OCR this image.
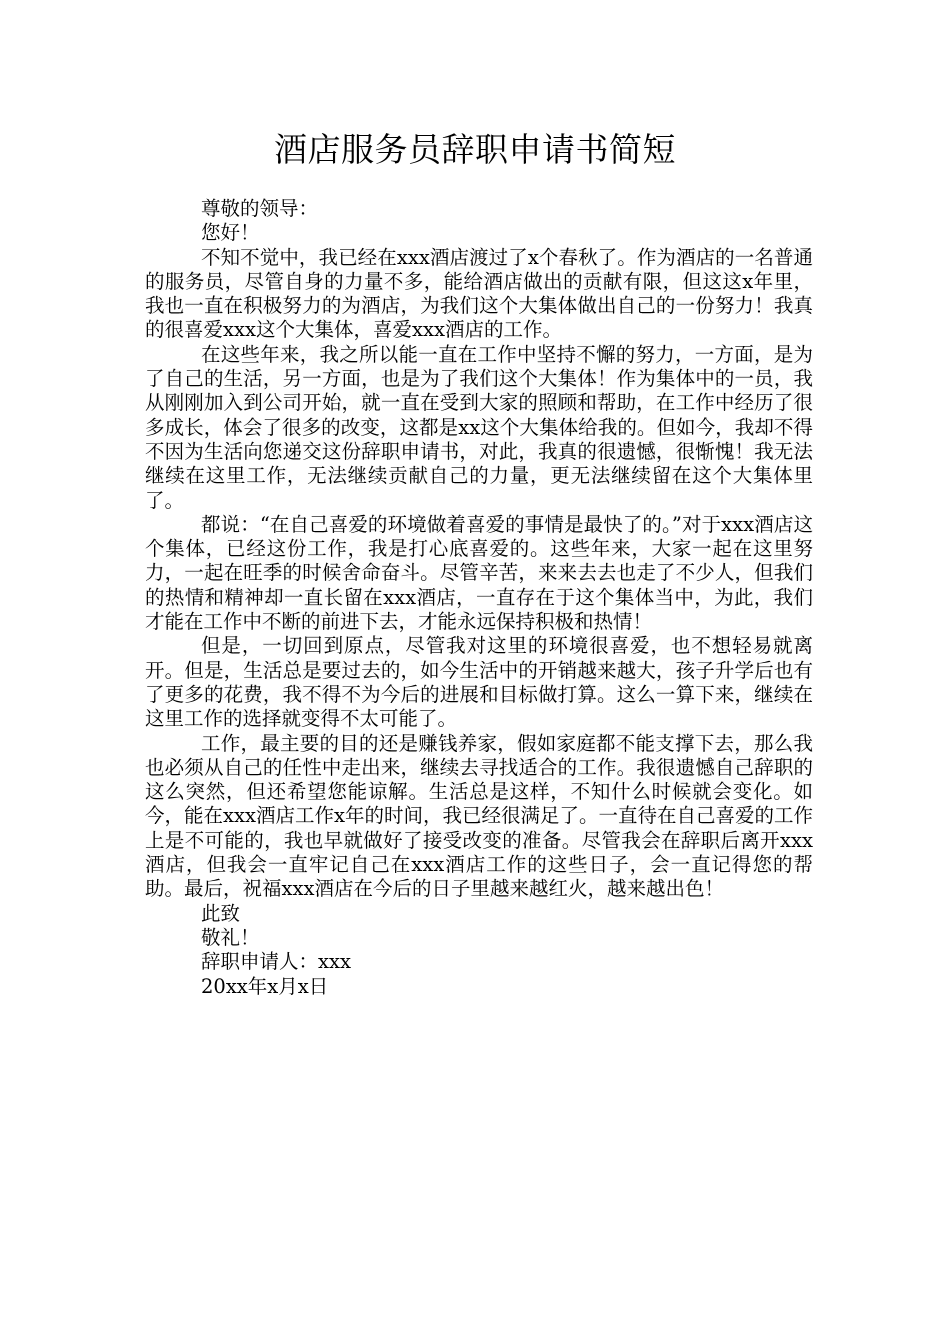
酒店服务员辞职申请书简短

尊敬的领导：

您好！

不知不觉中，我已经在xxx酒店渡过了x个春秋了。作为酒店的一名普通的服务员，尽管自身的力量不多，能给酒店做出的贡献有限，但这这x年里，我也一直在积极努力的为酒店，为我们这个大集体做出自己的一份努力！我真的很喜爱xxx这个大集体，喜爱xxx酒店的工作。

在这些年来，我之所以能一直在工作中坚持不懈的努力，一方面，是为了自己的生活，另一方面，也是为了我们这个大集体！作为集体中的一员，我从刚刚加入到公司开始，就一直在受到大家的照顾和帮助，在工作中经历了很多成长，体会了很多的改变，这都是xx这个大集体给我的。但如今，我却不得不因为生活向您递交这份辞职申请书，对此，我真的很遗憾，很惭愧！我无法继续在这里工作，无法继续贡献自己的力量，更无法继续留在这个大集体里了。

都说：“在自己喜爱的环境做着喜爱的事情是最快了的。”对于xxx酒店这个集体，已经这份工作，我是打心底喜爱的。这些年来，大家一起在这里努力，一起在旺季的时候舍命奋斗。尽管辛苦，来来去去也走了不少人，但我们的热情和精神却一直长留在xxx酒店，一直存在于这个集体当中，为此，我们才能在工作中不断的前进下去，才能永远保持积极和热情！

但是，一切回到原点，尽管我对这里的环境很喜爱，也不想轻易就离开。但是，生活总是要过去的，如今生活中的开销越来越大，孩子升学后也有了更多的花费，我不得不为今后的进展和目标做打算。这么一算下来，继续在这里工作的选择就变得不太可能了。

工作，最主要的目的还是赚钱养家，假如家庭都不能支撑下去，那么我也必须从自己的任性中走出来，继续去寻找适合的工作。我很遗憾自己辞职的这么突然，但还希望您能谅解。生活总是这样，不知什么时候就会变化。如今，能在xxx酒店工作x年的时间，我已经很满足了。一直待在自己喜爱的工作上是不可能的，我也早就做好了接受改变的准备。尽管我会在辞职后离开xxx酒店，但我会一直牢记自己在xxx酒店工作的这些日子，会一直记得您的帮助。最后，祝福xxx酒店在今后的日子里越来越红火，越来越出色！

此致

敬礼！

辞职申请人：xxx

20xx年x月x日
